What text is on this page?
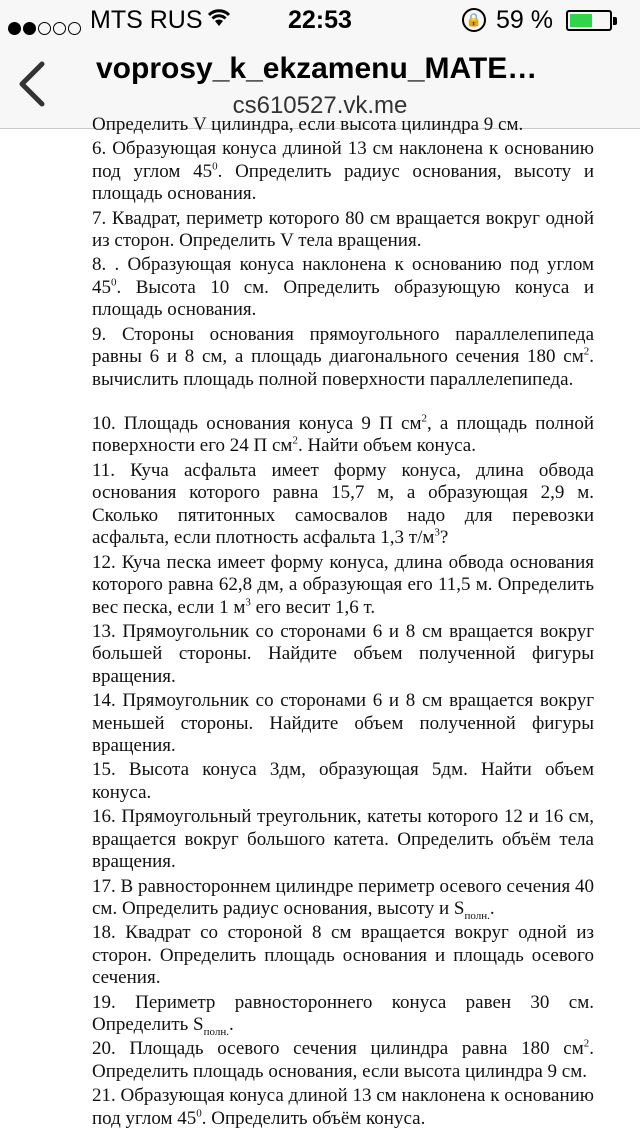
MTS RUS	22:53	🔒 59 %
voprosy_k_ekzamenu_MATE…
cs610527.vk.me

Определить V цилиндра, если высота цилиндра 9 см.

6. Образующая конуса длиной 13 см наклонена к основанию под углом $45^0$. Определить радиус основания, высоту и площадь основания.

7. Квадрат, периметр которого 80 см вращается вокруг одной из сторон. Определить V тела вращения.

8. . Образующая конуса наклонена к основанию под углом $45^0$. Высота 10 см. Определить образующую конуса и площадь основания.

9. Стороны основания прямоугольного параллелепипеда равны 6 и 8 см, а площадь диагонального сечения 180 $см^2$. вычислить площадь полной поверхности параллелепипеда.

10. Площадь основания конуса 9 П $см^2$, а площадь полной поверхности его 24 П $см^2$. Найти объем конуса.

11. Куча асфальта имеет форму конуса, длина обвода основания которого равна 15,7 м, а образующая 2,9 м. Сколько пятитонных самосвалов надо для перевозки асфальта, если плотность асфальта 1,3 $т/м^3$?

12. Куча песка имеет форму конуса, длина обвода основания которого равна 62,8 дм, а образующая его 11,5 м. Определить вес песка, если 1 $м^3$ его весит 1,6 т.

13. Прямоугольник со сторонами 6 и 8 см вращается вокруг большей стороны. Найдите объем полученной фигуры вращения.

14. Прямоугольник со сторонами 6 и 8 см вращается вокруг меньшей стороны. Найдите объем полученной фигуры вращения.

15. Высота конуса 3дм, образующая 5дм. Найти объем конуса.

16. Прямоугольный треугольник, катеты которого 12 и 16 см, вращается вокруг большого катета. Определить объём тела вращения.

17. В равностороннем цилиндре периметр осевого сечения 40 см. Определить радиус основания, высоту и $S_{полн.}$.

18. Квадрат со стороной 8 см вращается вокруг одной из сторон. Определить площадь основания и площадь осевого сечения.

19. Периметр равностороннего конуса равен 30 см. Определить $S_{полн.}$.

20. Площадь осевого сечения цилиндра равна 180 $см^2$. Определить площадь основания, если высота цилиндра 9 см.

21. Образующая конуса длиной 13 см наклонена к основанию под углом $45^0$. Определить объём конуса.
